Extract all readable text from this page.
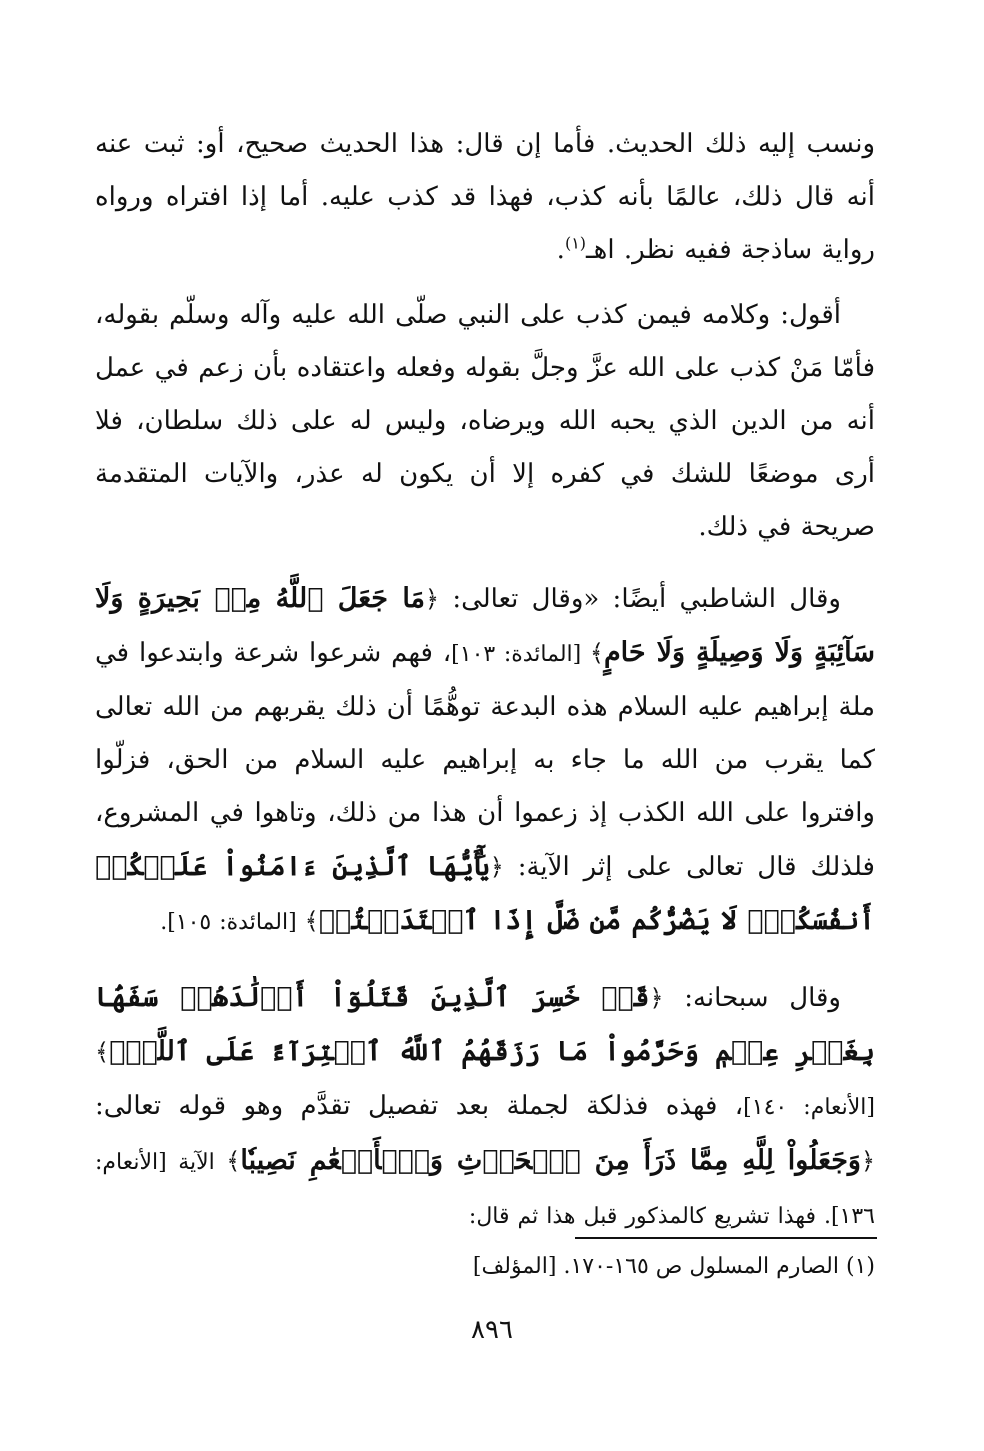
ونسب إليه ذلك الحديث. فأما إن قال: هذا الحديث صحيح، أو: ثبت عنه أنه قال ذلك، عالمًا بأنه كذب، فهذا قد كذب عليه. أما إذا افتراه ورواه رواية ساذجة ففيه نظر. اهـ$^{(١)}$.

أقول: وكلامه فيمن كذب على النبي صلّى الله عليه وآله وسلّم بقوله، فأمّا مَنْ كذب على الله عزَّ وجلَّ بقوله وفعله واعتقاده بأن زعم في عمل أنه من الدين الذي يحبه الله ويرضاه، وليس له على ذلك سلطان، فلا أرى موضعًا للشك في كفره إلا أن يكون له عذر، والآيات المتقدمة صريحة في ذلك.

وقال الشاطبي أيضًا: «وقال تعالى: ﴿مَا جَعَلَ ٱللَّهُ مِنۢ بَحِيرَةٍ وَلَا سَآئِبَةٍ وَلَا وَصِيلَةٍ وَلَا حَامٍ﴾ [المائدة: ١٠٣]، فهم شرعوا شرعة وابتدعوا في ملة إبراهيم عليه السلام هذه البدعة توهُّمًا أن ذلك يقربهم من الله تعالى كما يقرب من الله ما جاء به إبراهيم عليه السلام من الحق، فزلّوا وافتروا على الله الكذب إذ زعموا أن هذا من ذلك، وتاهوا في المشروع، فلذلك قال تعالى على إثر الآية: ﴿يَٰٓأَيُّهَا ٱلَّذِينَ ءَامَنُواْ عَلَيۡكُمۡ أَنفُسَكُمۡۖ لَا يَضُرُّكُم مَّن ضَلَّ إِذَا ٱهۡتَدَيۡتُمۡ﴾ [المائدة: ١٠٥].

وقال سبحانه: ﴿قَدۡ خَسِرَ ٱلَّذِينَ قَتَلُوٓاْ أَوۡلَٰدَهُمۡ سَفَهَۢا بِغَيۡرِ عِلۡمٖ وَحَرَّمُواْ مَا رَزَقَهُمُ ٱللَّهُ ٱفۡتِرَآءً عَلَى ٱللَّهِۚ﴾ [الأنعام: ١٤٠]، فهذه فذلكة لجملة بعد تفصيل تقدَّم وهو قوله تعالى: ﴿وَجَعَلُواْ لِلَّهِ مِمَّا ذَرَأَ مِنَ ٱلۡحَرۡثِ وَٱلۡأَنۡعَٰمِ نَصِيبٗا﴾ الآية [الأنعام: ١٣٦]. فهذا تشريع كالمذكور قبل هذا ثم قال:

(١) الصارم المسلول ص ١٦٥-١٧٠. [المؤلف]
٨٩٦
